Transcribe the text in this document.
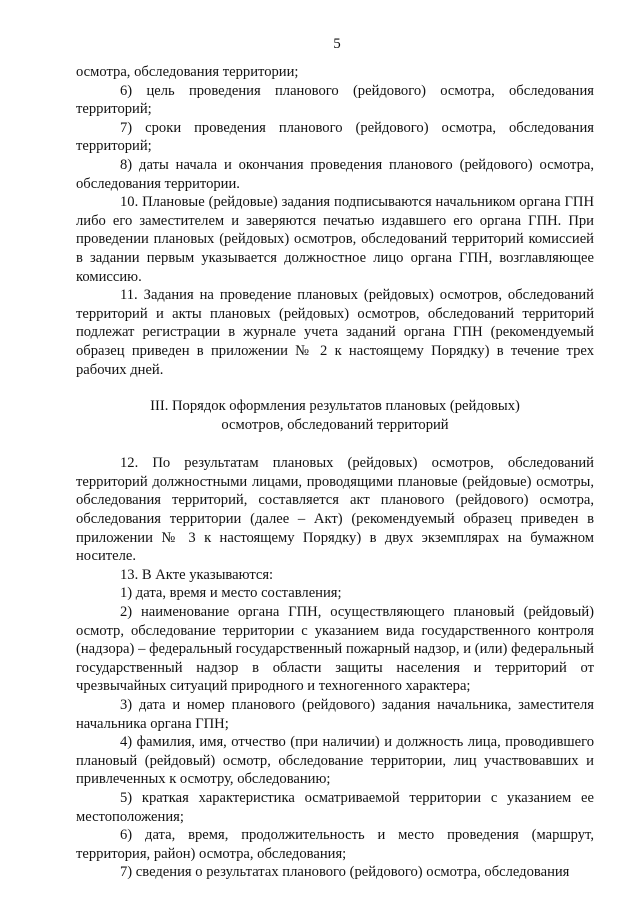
5

осмотра, обследования территории;

6) цель проведения планового (рейдового) осмотра, обследования территорий;

7) сроки проведения планового (рейдового) осмотра, обследования территорий;

8) даты начала и окончания проведения планового (рейдового) осмотра, обследования территории.

10. Плановые (рейдовые) задания подписываются начальником органа ГПН либо его заместителем и заверяются печатью издавшего его органа ГПН. При проведении плановых (рейдовых) осмотров, обследований территорий комиссией в задании первым указывается должностное лицо органа ГПН, возглавляющее комиссию.

11. Задания на проведение плановых (рейдовых) осмотров, обследований территорий и акты плановых (рейдовых) осмотров, обследований территорий подлежат регистрации в журнале учета заданий органа ГПН (рекомендуемый образец приведен в приложении № 2 к настоящему Порядку) в течение трех рабочих дней.

III. Порядок оформления результатов плановых (рейдовых)
осмотров, обследований территорий

12. По результатам плановых (рейдовых) осмотров, обследований территорий должностными лицами, проводящими плановые (рейдовые) осмотры, обследования территорий, составляется акт планового (рейдового) осмотра, обследования территории (далее – Акт) (рекомендуемый образец приведен в приложении № 3 к настоящему Порядку) в двух экземплярах на бумажном носителе.

13. В Акте указываются:

1) дата, время и место составления;

2) наименование органа ГПН, осуществляющего плановый (рейдовый) осмотр, обследование территории с указанием вида государственного контроля (надзора) – федеральный государственный пожарный надзор, и (или) федеральный государственный надзор в области защиты населения и территорий от чрезвычайных ситуаций природного и техногенного характера;

3) дата и номер планового (рейдового) задания начальника, заместителя начальника органа ГПН;

4) фамилия, имя, отчество (при наличии) и должность лица, проводившего плановый (рейдовый) осмотр, обследование территории, лиц участвовавших и привлеченных к осмотру, обследованию;

5) краткая характеристика осматриваемой территории с указанием ее местоположения;

6) дата, время, продолжительность и место проведения (маршрут, территория, район) осмотра, обследования;

7) сведения о результатах планового (рейдового) осмотра, обследования
